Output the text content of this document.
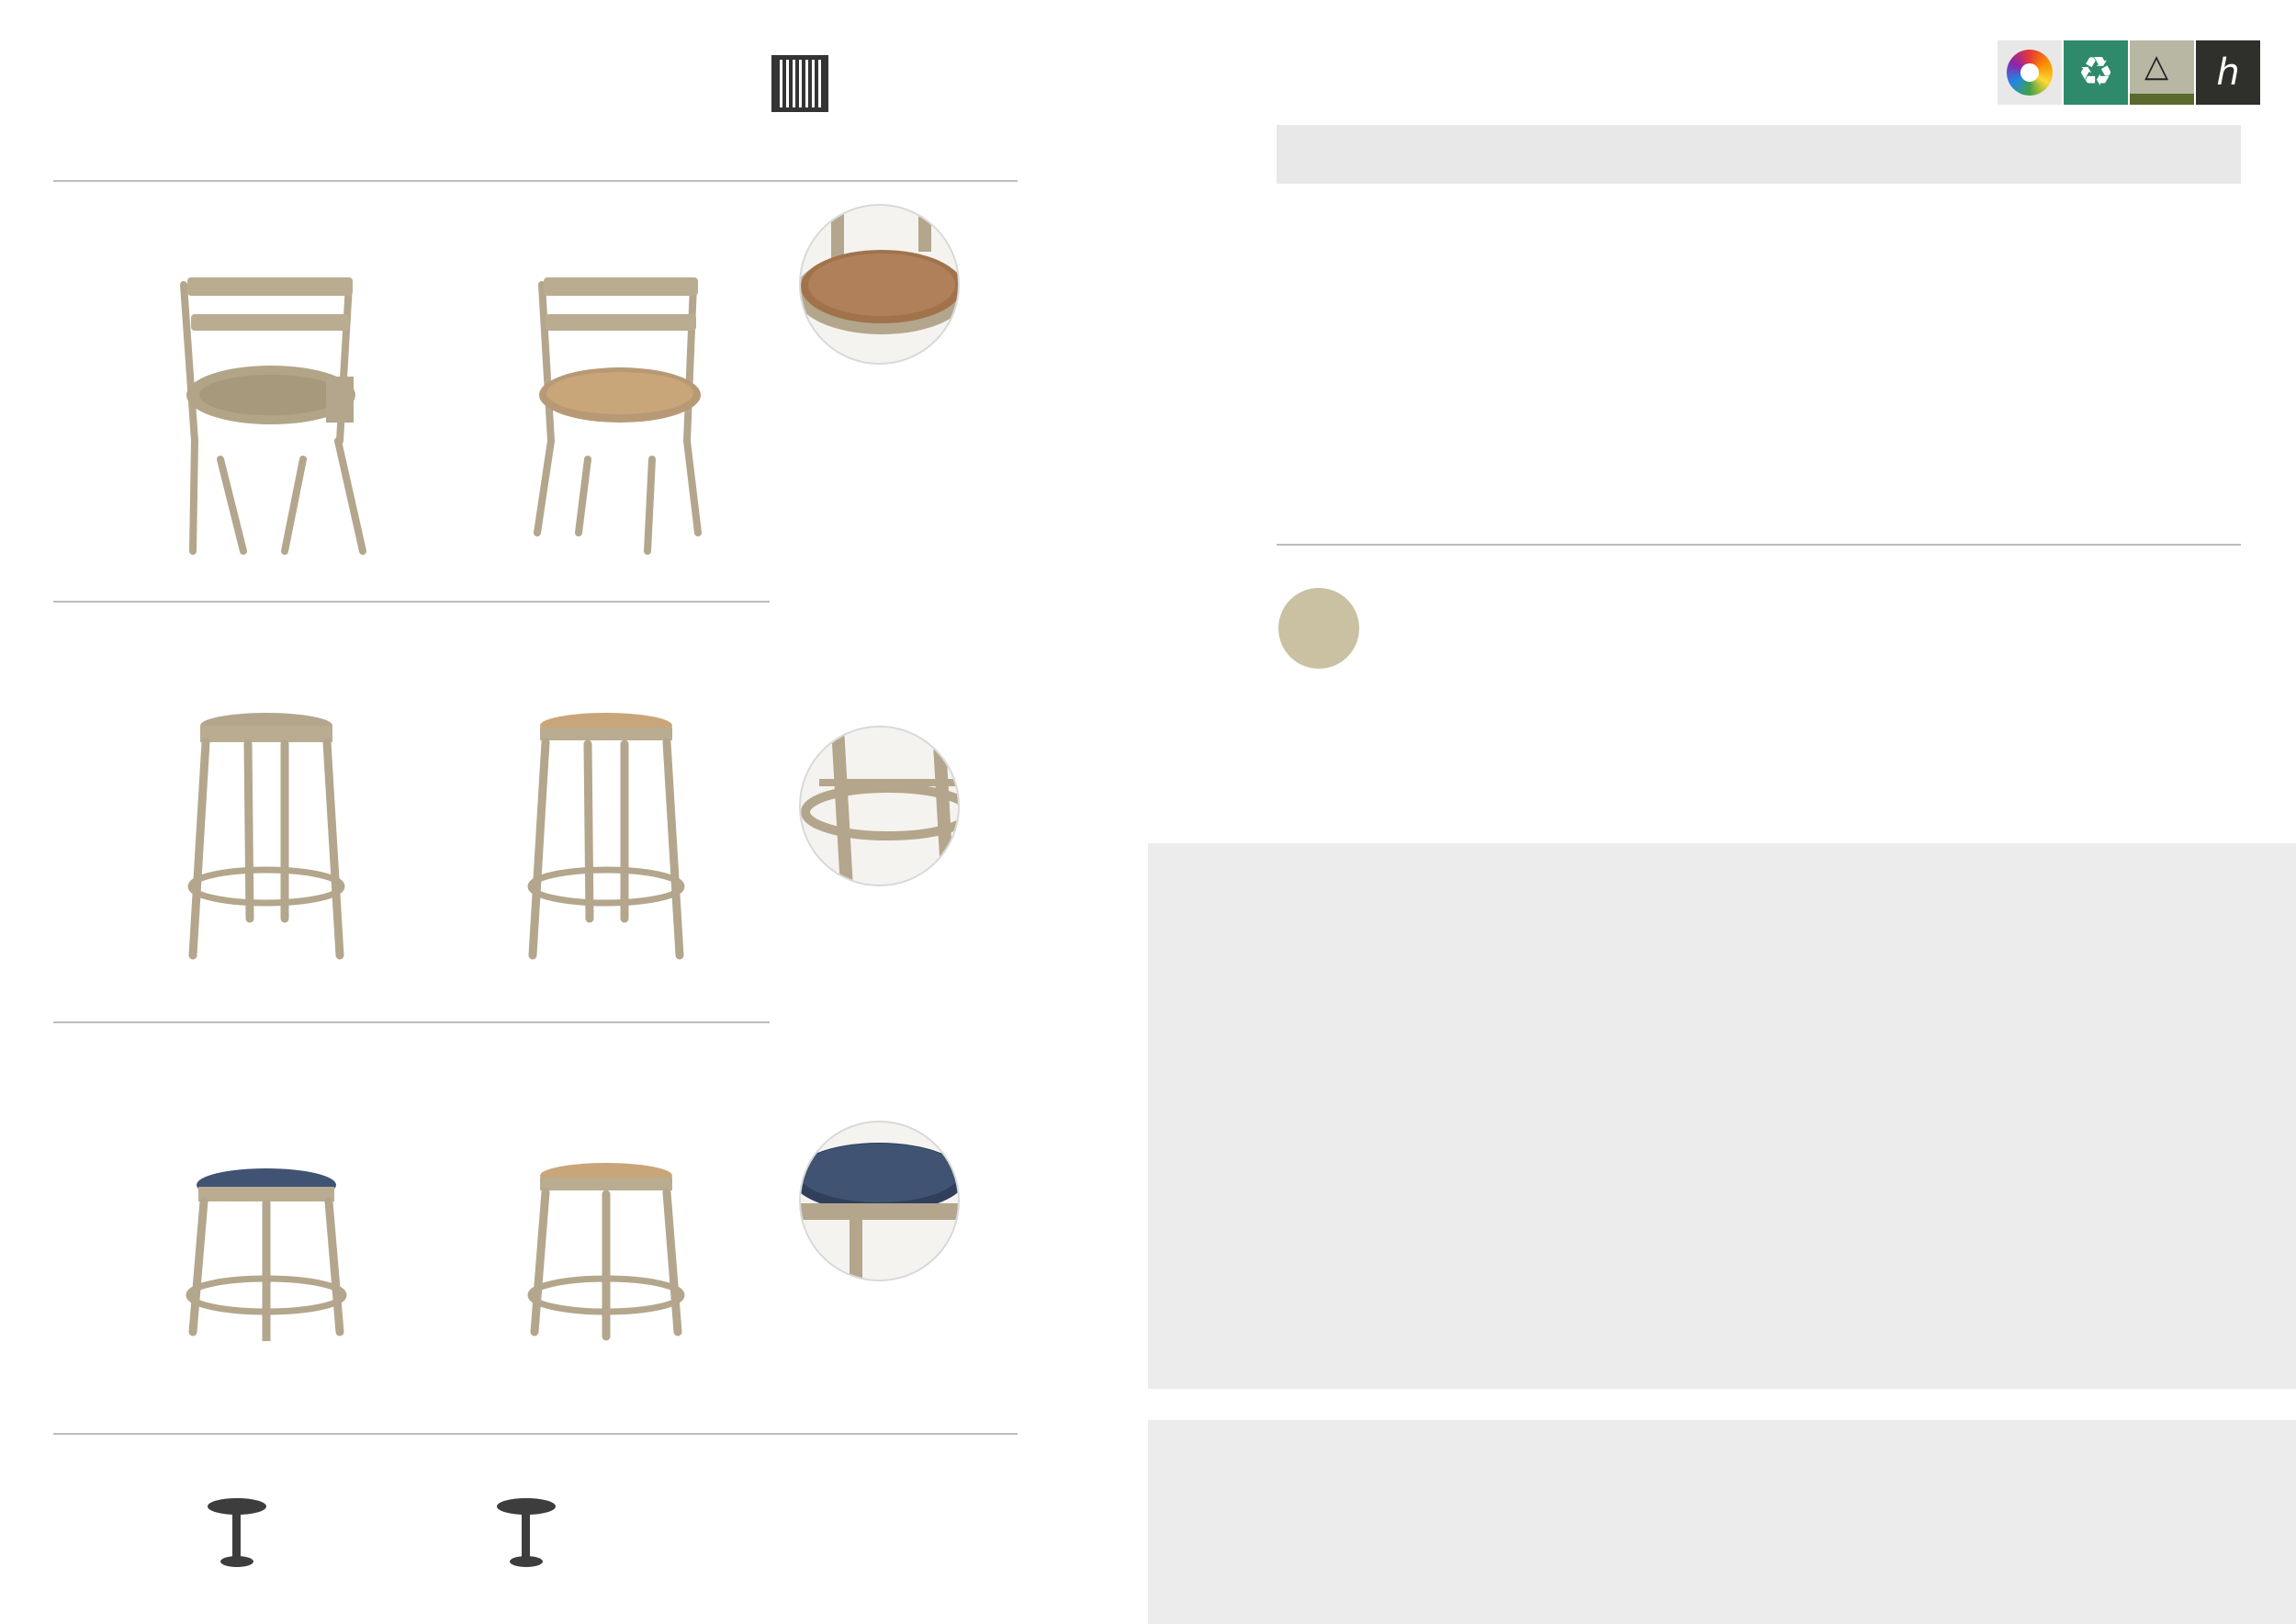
♻ △	ℎ
